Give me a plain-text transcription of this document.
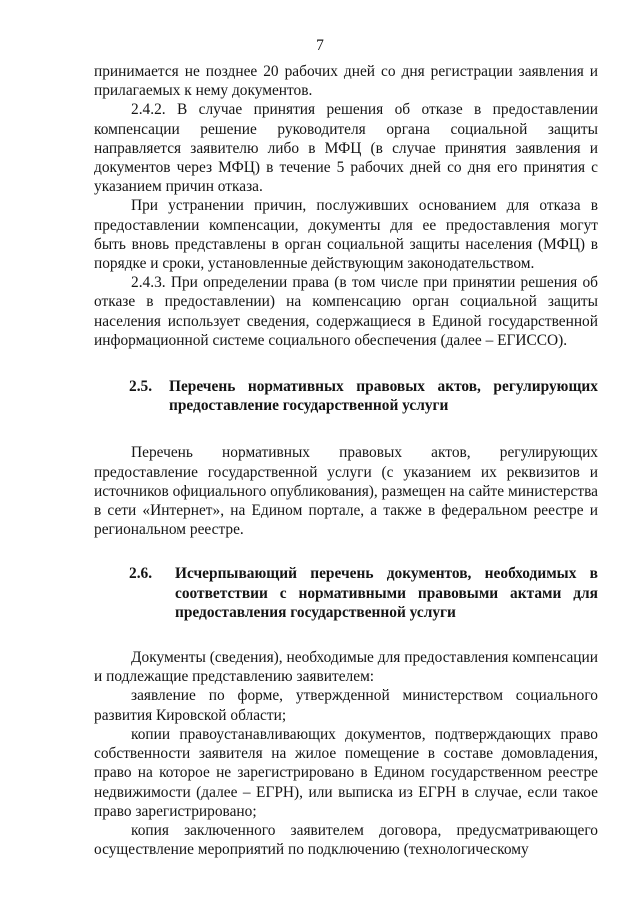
7

принимается не позднее 20 рабочих дней со дня регистрации заявления и прилагаемых к нему документов.

2.4.2. В случае принятия решения об отказе в предоставлении компенсации решение руководителя органа социальной защиты направляется заявителю либо в МФЦ (в случае принятия заявления и документов через МФЦ) в течение 5 рабочих дней со дня его принятия с указанием причин отказа.

При устранении причин, послуживших основанием для отказа в предоставлении компенсации, документы для ее предоставления могут быть вновь представлены в орган социальной защиты населения (МФЦ) в порядке и сроки, установленные действующим законодательством.

2.4.3. При определении права (в том числе при принятии решения об отказе в предоставлении) на компенсацию орган социальной защиты населения использует сведения, содержащиеся в Единой государственной информационной системе социального обеспечения (далее – ЕГИССО).

2.5.	Перечень нормативных правовых актов, регулирующих предоставление государственной услуги

Перечень нормативных правовых актов, регулирующих предоставление государственной услуги (с указанием их реквизитов и источников официального опубликования), размещен на сайте министерства в сети «Интернет», на Едином портале, а также в федеральном реестре и региональном реестре.

2.6.	Исчерпывающий перечень документов, необходимых в соответствии с нормативными правовыми актами для предоставления государственной услуги

Документы (сведения), необходимые для предоставления компенсации и подлежащие представлению заявителем:

заявление по форме, утвержденной министерством социального развития Кировской области;

копии правоустанавливающих документов, подтверждающих право собственности заявителя на жилое помещение в составе домовладения, право на которое не зарегистрировано в Едином государственном реестре недвижимости (далее – ЕГРН), или выписка из ЕГРН в случае, если такое право зарегистрировано;

копия заключенного заявителем договора, предусматривающего осуществление мероприятий по подключению (технологическому
